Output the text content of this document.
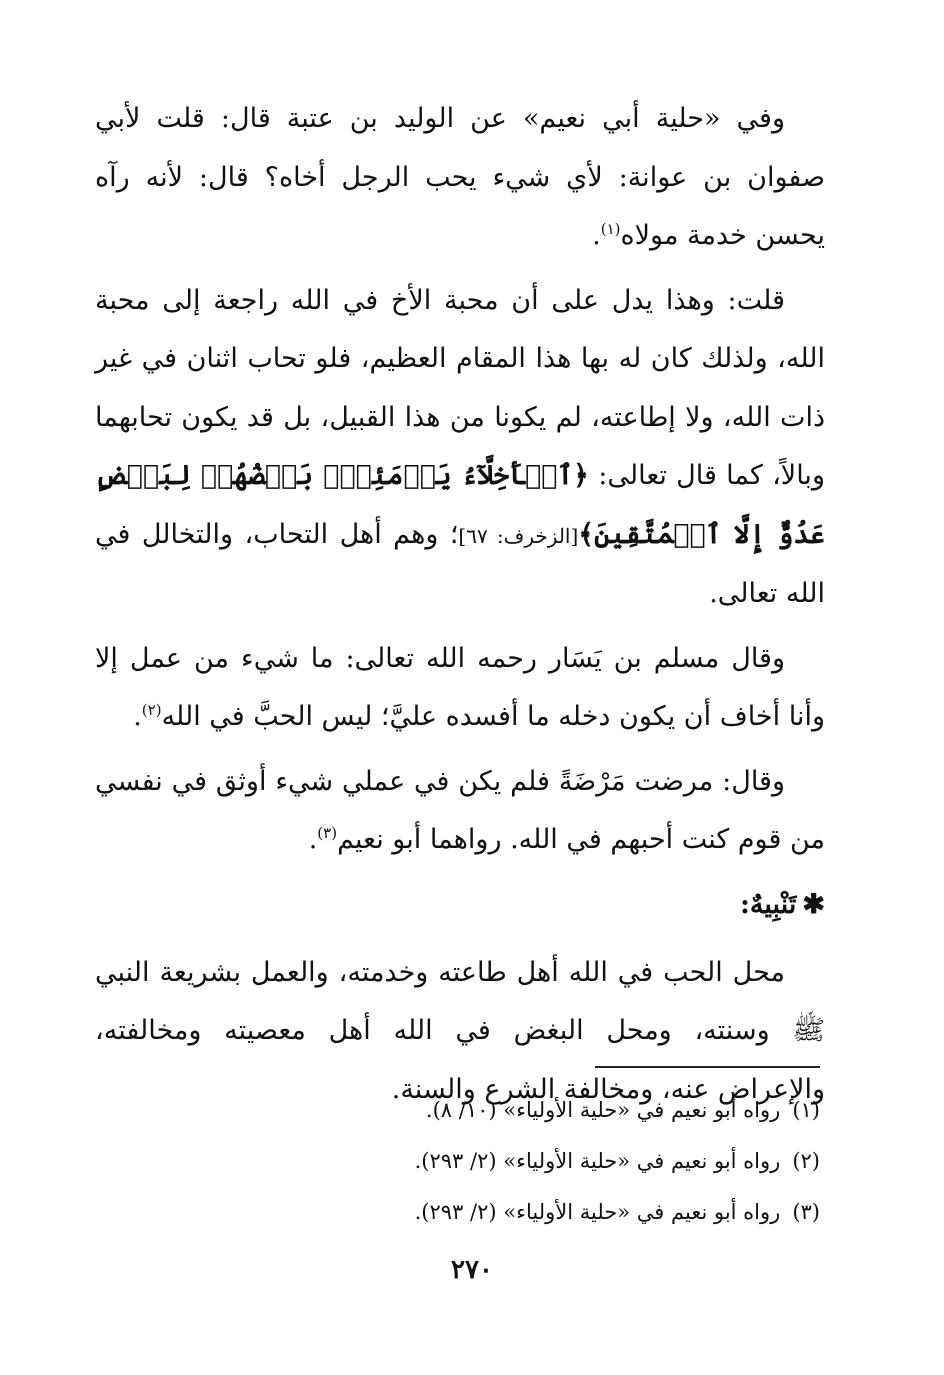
وفي «حلية أبي نعيم» عن الوليد بن عتبة قال: قلت لأبي صفوان بن عوانة: لأي شيء يحب الرجل أخاه؟ قال: لأنه رآه يحسن خدمة مولاه$^{(١)}$.

قلت: وهذا يدل على أن محبة الأخ في الله راجعة إلى محبة الله، ولذلك كان له بها هذا المقام العظيم، فلو تحاب اثنان في غير ذات الله، ولا إطاعته، لم يكونا من هذا القبيل، بل قد يكون تحابهما وبالاً، كما قال تعالى: ﴿ٱلۡأَخِلَّآءُ يَوۡمَئِذِۭ بَعۡضُهُمۡ لِبَعۡضٍ عَدُوٌّ إِلَّا ٱلۡمُتَّقِينَ﴾[الزخرف: ٦٧]؛ وهم أهل التحاب، والتخالل في الله تعالى.

وقال مسلم بن يَسَار رحمه الله تعالى: ما شيء من عمل إلا وأنا أخاف أن يكون دخله ما أفسده عليَّ؛ ليس الحبَّ في الله$^{(٢)}$.

وقال: مرضت مَرْضَةً فلم يكن في عملي شيء أوثق في نفسي من قوم كنت أحبهم في الله. رواهما أبو نعيم$^{(٣)}$.

✱تَنْبِيهٌ:

محل الحب في الله أهل طاعته وخدمته، والعمل بشريعة النبي ﷺ وسنته، ومحل البغض في الله أهل معصيته ومخالفته، والإعراض عنه، ومخالفة الشرع والسنة.

(١)رواه أبو نعيم في «حلية الأولياء» (١٠/ ٨).
(٢)رواه أبو نعيم في «حلية الأولياء» (٢/ ٢٩٣).
(٣)رواه أبو نعيم في «حلية الأولياء» (٢/ ٢٩٣).
٢٧٠
